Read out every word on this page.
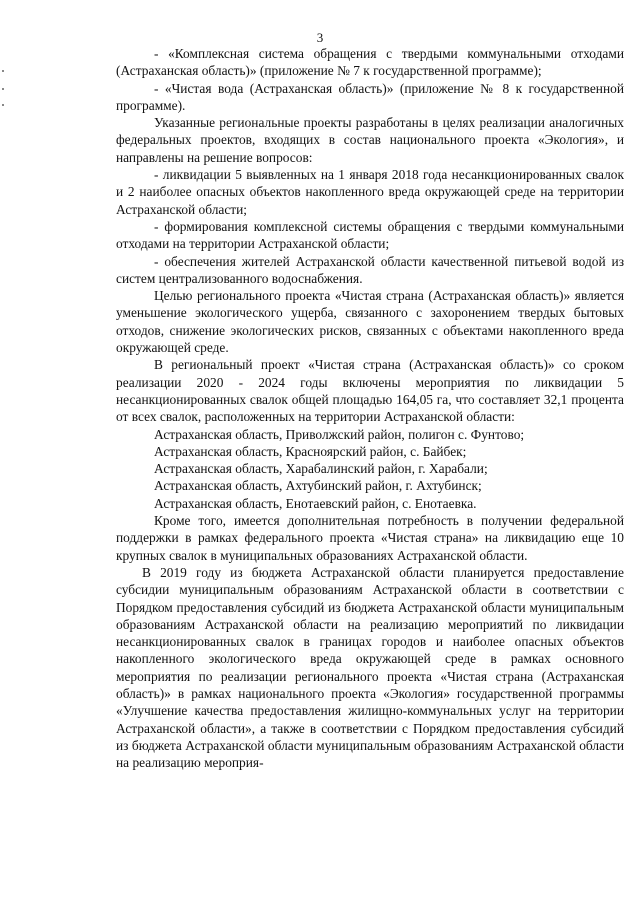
3

- «Комплексная система обращения с твердыми коммунальными отходами (Астраханская область)» (приложение № 7 к государственной программе);

- «Чистая вода (Астраханская область)» (приложение № 8 к государственной программе).

Указанные региональные проекты разработаны в целях реализации аналогичных федеральных проектов, входящих в состав национального проекта «Экология», и направлены на решение вопросов:

- ликвидации 5 выявленных на 1 января 2018 года несанкционированных свалок и 2 наиболее опасных объектов накопленного вреда окружающей среде на территории Астраханской области;

- формирования комплексной системы обращения с твердыми коммунальными отходами на территории Астраханской области;

- обеспечения жителей Астраханской области качественной питьевой водой из систем централизованного водоснабжения.

Целью регионального проекта «Чистая страна (Астраханская область)» является уменьшение экологического ущерба, связанного с захоронением твердых бытовых отходов, снижение экологических рисков, связанных с объектами накопленного вреда окружающей среде.

В региональный проект «Чистая страна (Астраханская область)» со сроком реализации 2020 - 2024 годы включены мероприятия по ликвидации 5 несанкционированных свалок общей площадью 164,05 га, что составляет 32,1 процента от всех свалок, расположенных на территории Астраханской области:

Астраханская область, Приволжский район, полигон с. Фунтово;

Астраханская область, Красноярский район, с. Байбек;

Астраханская область, Харабалинский район, г. Харабали;

Астраханская область, Ахтубинский район, г. Ахтубинск;

Астраханская область, Енотаевский район, с. Енотаевка.

Кроме того, имеется дополнительная потребность в получении федеральной поддержки в рамках федерального проекта «Чистая страна» на ликвидацию еще 10 крупных свалок в муниципальных образованиях Астраханской области.

В 2019 году из бюджета Астраханской области планируется предоставление субсидии муниципальным образованиям Астраханской области в соответствии с Порядком предоставления субсидий из бюджета Астраханской области муниципальным образованиям Астраханской области на реализацию мероприятий по ликвидации несанкционированных свалок в границах городов и наиболее опасных объектов накопленного экологического вреда окружающей среде в рамках основного мероприятия по реализации регионального проекта «Чистая страна (Астраханская область)» в рамках национального проекта «Экология» государственной программы «Улучшение качества предоставления жилищно-коммунальных услуг на территории Астраханской области», а также в соответствии с Порядком предоставления субсидий из бюджета Астраханской области муниципальным образованиям Астраханской области на реализацию мероприя-
